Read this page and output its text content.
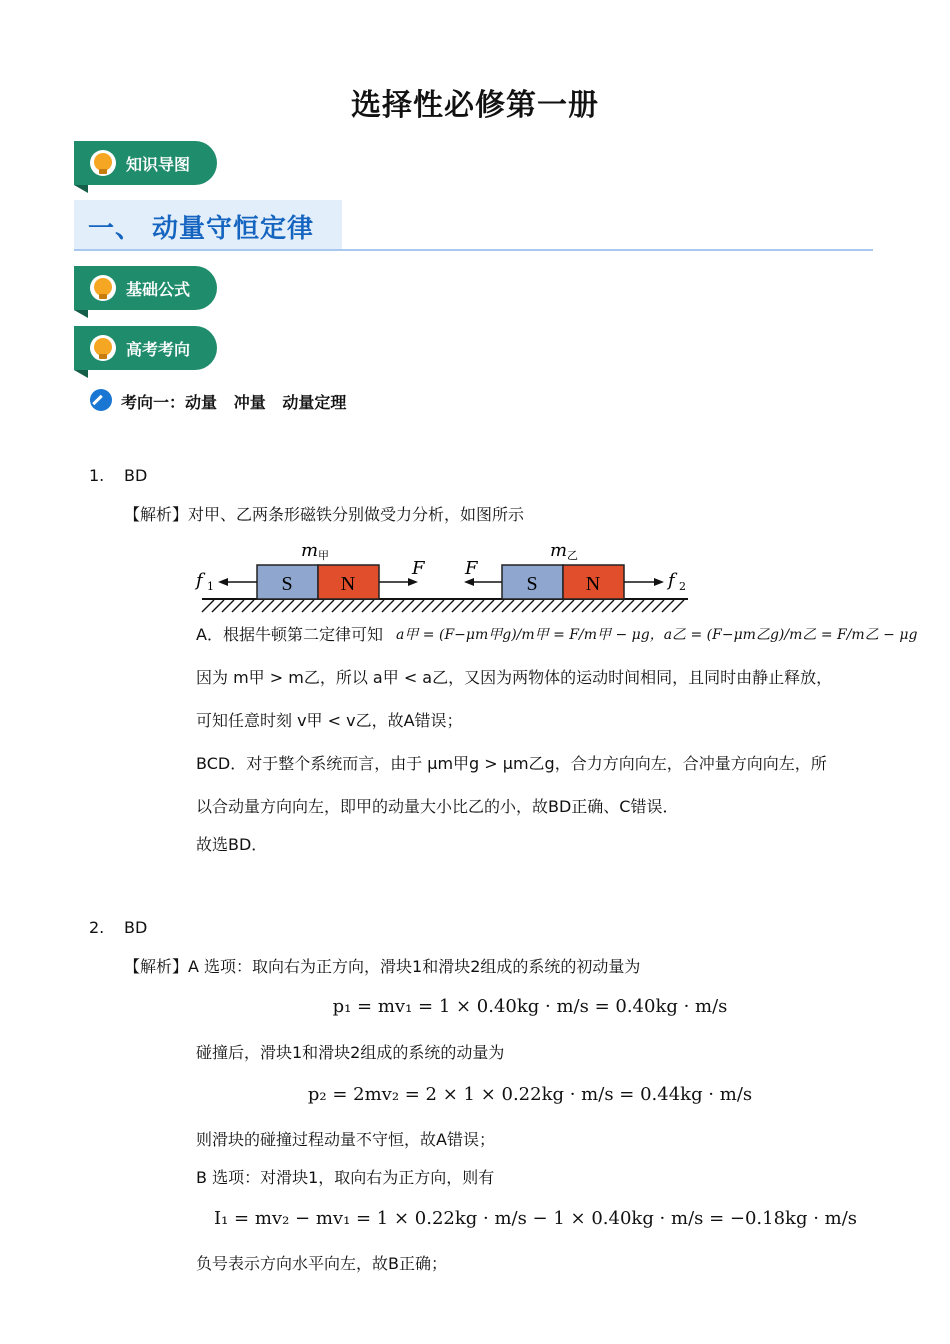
选择性必修第一册
知识导图
一、 动量守恒定律
基础公式
高考考向
考向一：动量   冲量   动量定理
1. BD
【解析】对甲、乙两条形磁铁分别做受力分析，如图所示
S N
m 甲
f 1
F F
S N
m 乙
f 2
A．根据牛顿第二定律可知 a甲 = (F−μm甲g)/m甲 = F/m甲 − μg，a乙 = (F−μm乙g)/m乙 = F/m乙 − μg
因为 m甲 > m乙，所以 a甲 < a乙，又因为两物体的运动时间相同，且同时由静止释放，
可知任意时刻 v甲 < v乙，故A错误；
BCD．对于整个系统而言，由于 μm甲g > μm乙g，合力方向向左，合冲量方向向左，所
以合动量方向向左，即甲的动量大小比乙的小，故BD正确、C错误．
故选BD．
2. BD
【解析】A 选项：取向右为正方向，滑块1和滑块2组成的系统的初动量为
p₁ = mv₁ = 1 × 0.40kg · m/s = 0.40kg · m/s
碰撞后，滑块1和滑块2组成的系统的动量为
p₂ = 2mv₂ = 2 × 1 × 0.22kg · m/s = 0.44kg · m/s
则滑块的碰撞过程动量不守恒，故A错误；
B 选项：对滑块1，取向右为正方向，则有
I₁ = mv₂ − mv₁ = 1 × 0.22kg · m/s − 1 × 0.40kg · m/s = −0.18kg · m/s
负号表示方向水平向左，故B正确；
